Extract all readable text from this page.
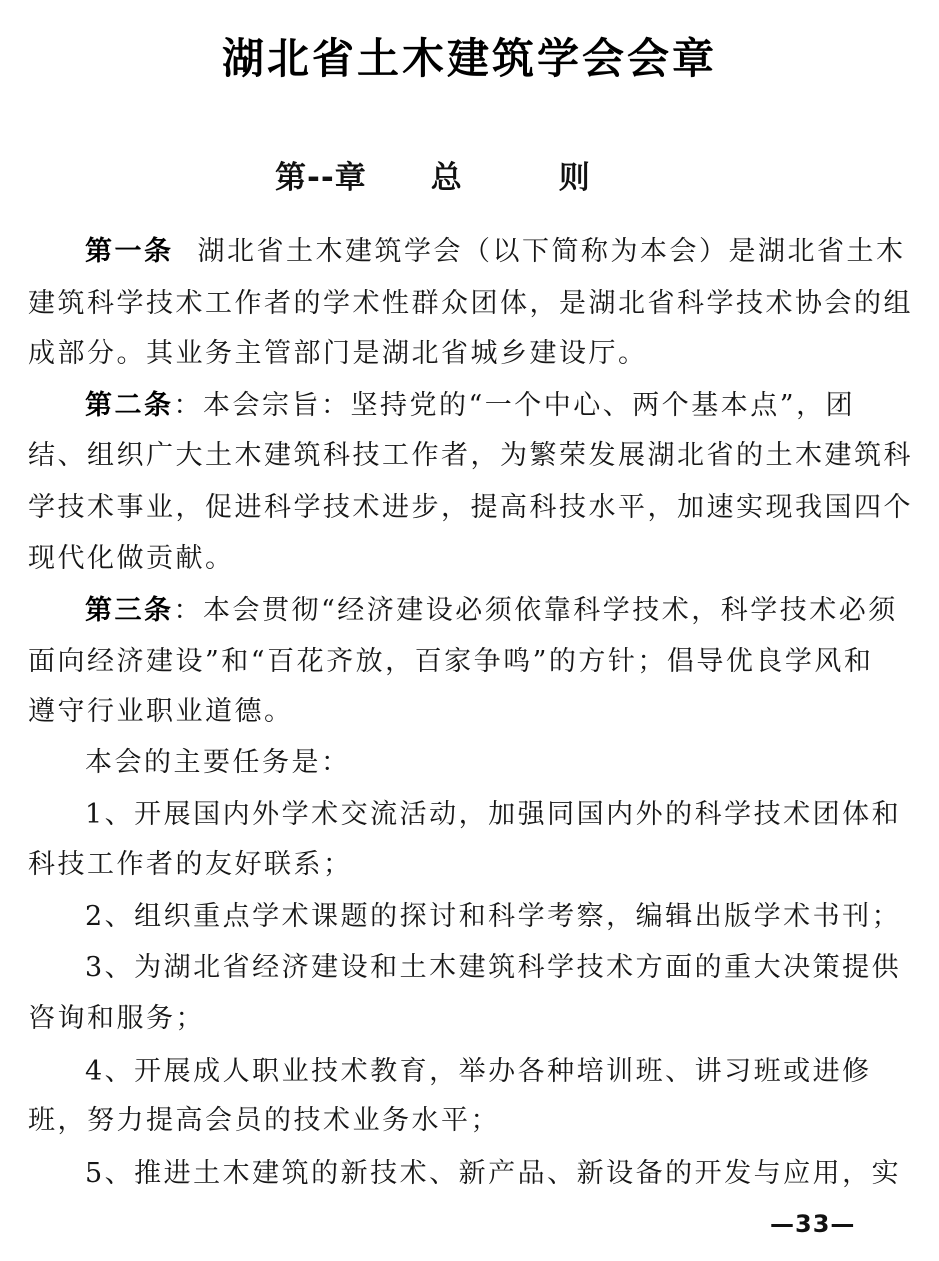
湖北省土木建筑学会会章
第--章　　总　　　则
第一条 湖北省土木建筑学会（以下简称为本会）是湖北省土木
建筑科学技术工作者的学术性群众团体，是湖北省科学技术协会的组
成部分。其业务主管部门是湖北省城乡建设厅。
第二条：本会宗旨：坚持党的“一个中心、两个基本点”，团
结、组织广大土木建筑科技工作者，为繁荣发展湖北省的土木建筑科
学技术事业，促进科学技术进步，提高科技水平，加速实现我国四个
现代化做贡献。
第三条：本会贯彻“经济建设必须依靠科学技术，科学技术必须
面向经济建设”和“百花齐放，百家争鸣”的方针；倡导优良学风和
遵守行业职业道德。
本会的主要任务是：
1、开展国内外学术交流活动，加强同国内外的科学技术团体和
科技工作者的友好联系；
2、组织重点学术课题的探讨和科学考察，编辑出版学术书刊；
3、为湖北省经济建设和土木建筑科学技术方面的重大决策提供
咨询和服务；
4、开展成人职业技术教育，举办各种培训班、讲习班或进修
班，努力提高会员的技术业务水平；
5、推进土木建筑的新技术、新产品、新设备的开发与应用，实
—33—
